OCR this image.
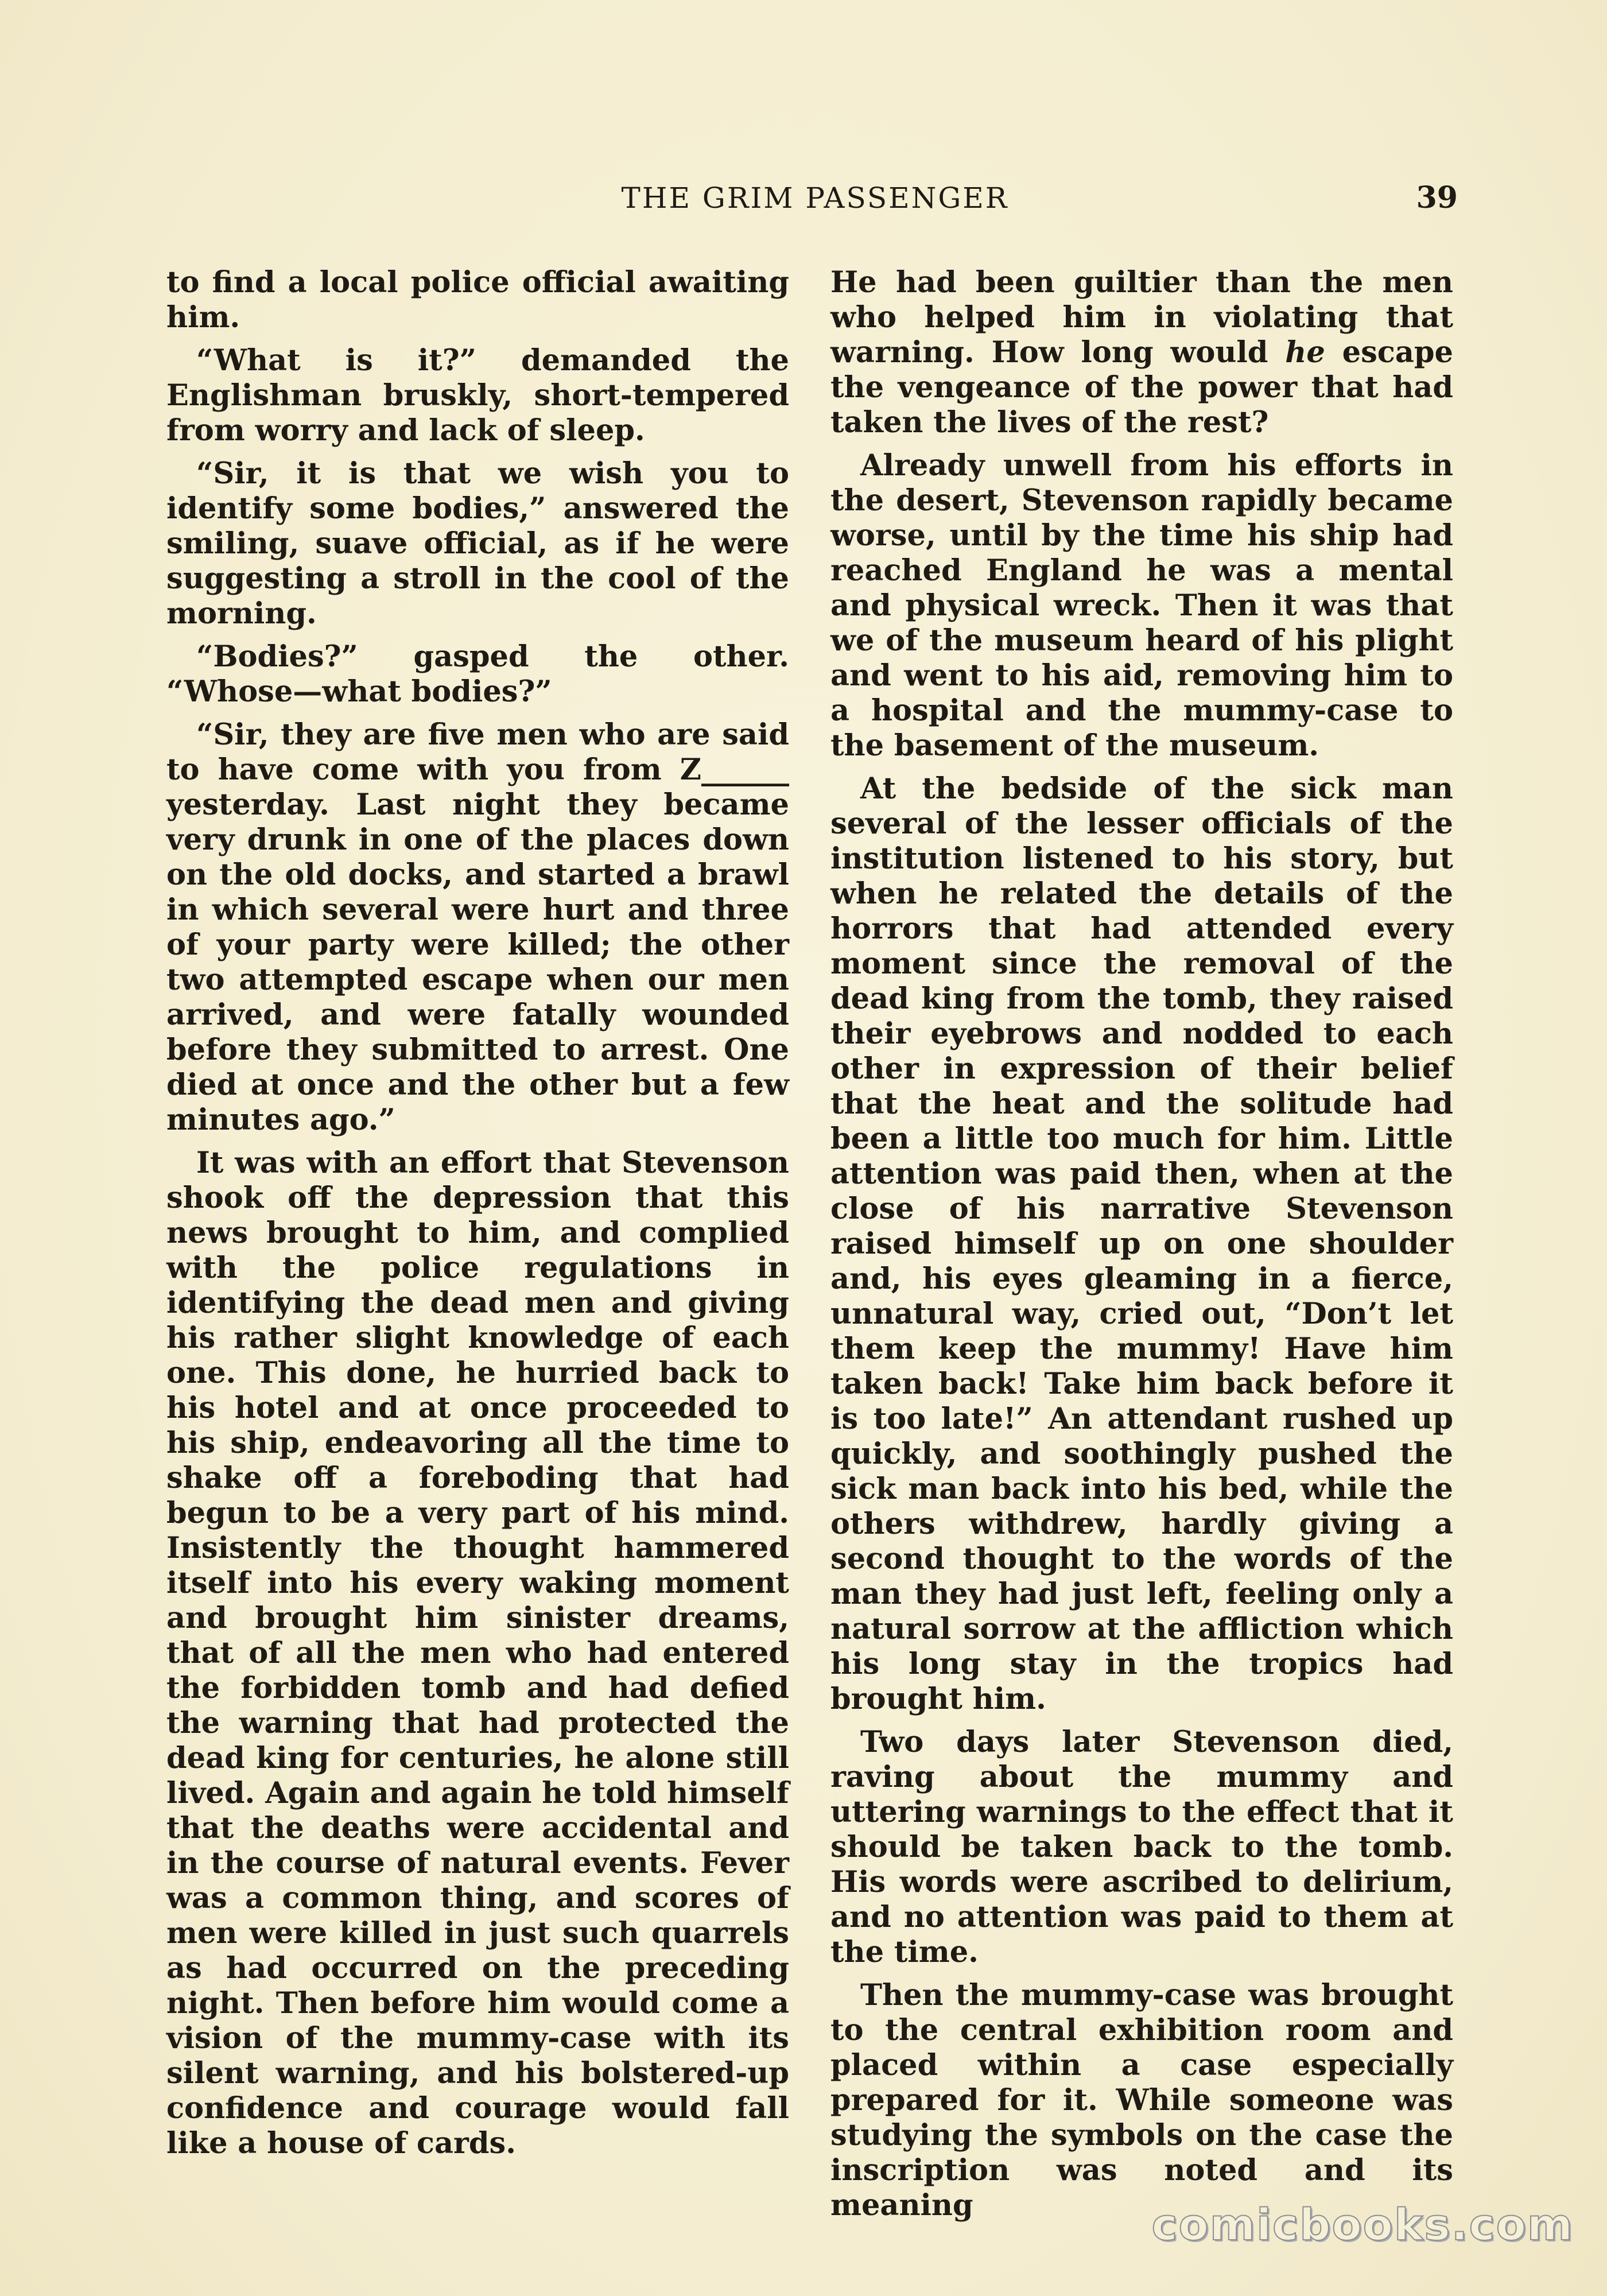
THE GRIM PASSENGER	39

to find a local police official awaiting him.

“What is it?” demanded the Englishman bruskly, short-tempered from worry and lack of sleep.

“Sir, it is that we wish you to identify some bodies,” answered the smiling, suave official, as if he were suggesting a stroll in the cool of the morning.

“Bodies?” gasped the other. “Whose—what bodies?”

“Sir, they are five men who are said to have come with you from Z______ yesterday. Last night they became very drunk in one of the places down on the old docks, and started a brawl in which several were hurt and three of your party were killed; the other two attempted escape when our men arrived, and were fatally wounded before they submitted to arrest. One died at once and the other but a few minutes ago.”

It was with an effort that Stevenson shook off the depression that this news brought to him, and complied with the police regulations in identifying the dead men and giving his rather slight knowledge of each one. This done, he hurried back to his hotel and at once proceeded to his ship, endeavoring all the time to shake off a foreboding that had begun to be a very part of his mind. Insistently the thought hammered itself into his every waking moment and brought him sinister dreams, that of all the men who had entered the forbidden tomb and had defied the warning that had protected the dead king for centuries, he alone still lived. Again and again he told himself that the deaths were accidental and in the course of natural events. Fever was a common thing, and scores of men were killed in just such quarrels as had occurred on the preceding night. Then before him would come a vision of the mummy-case with its silent warning, and his bolstered-up confidence and courage would fall like a house of cards.

He had been guiltier than the men who helped him in violating that warning. How long would he escape the vengeance of the power that had taken the lives of the rest?

Already unwell from his efforts in the desert, Stevenson rapidly became worse, until by the time his ship had reached England he was a mental and physical wreck. Then it was that we of the museum heard of his plight and went to his aid, removing him to a hospital and the mummy-case to the basement of the museum.

At the bedside of the sick man several of the lesser officials of the institution listened to his story, but when he related the details of the horrors that had attended every moment since the removal of the dead king from the tomb, they raised their eyebrows and nodded to each other in expression of their belief that the heat and the solitude had been a little too much for him. Little attention was paid then, when at the close of his narrative Stevenson raised himself up on one shoulder and, his eyes gleaming in a fierce, unnatural way, cried out, “Don’t let them keep the mummy! Have him taken back! Take him back before it is too late!” An attendant rushed up quickly, and soothingly pushed the sick man back into his bed, while the others withdrew, hardly giving a second thought to the words of the man they had just left, feeling only a natural sorrow at the affliction which his long stay in the tropics had brought him.

Two days later Stevenson died, raving about the mummy and uttering warnings to the effect that it should be taken back to the tomb. His words were ascribed to delirium, and no attention was paid to them at the time.

Then the mummy-case was brought to the central exhibition room and placed within a case especially prepared for it. While someone was studying the symbols on the case the inscription was noted and its meaning	comicbooks.com
